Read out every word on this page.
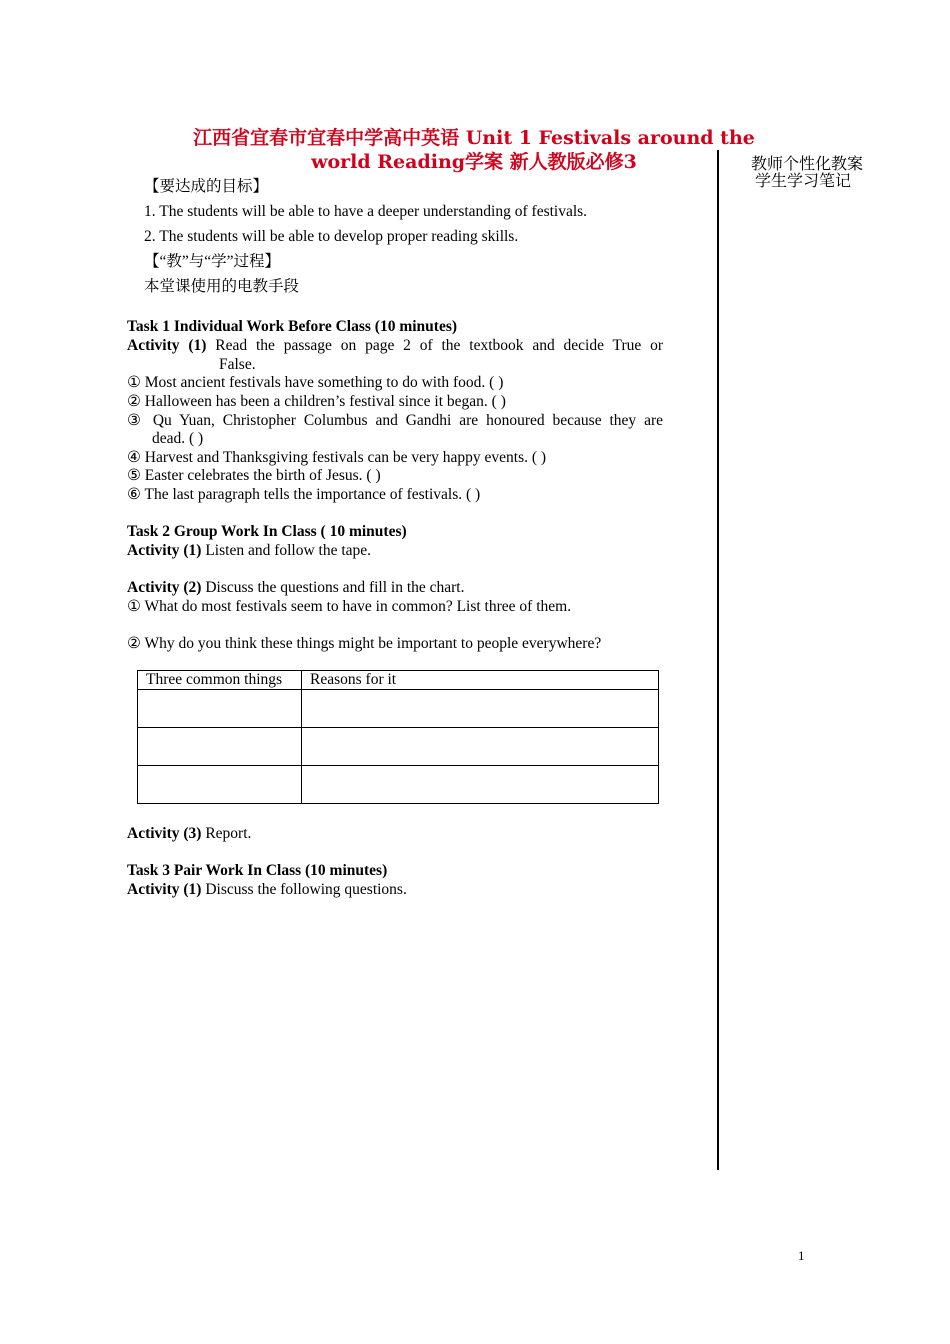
江西省宜春市宜春中学高中英语 Unit 1 Festivals around the
world Reading学案 新人教版必修3	教师个性化教案
学生学习笔记
【要达成的目标】
1. The students will be able to have a deeper understanding of festivals.
2. The students will be able to develop proper reading skills.
【“教”与“学”过程】
本堂课使用的电教手段
Task 1 Individual Work Before Class (10 minutes)
Activity (1) Read the passage on page 2 of the textbook and decide True or
False.
① Most ancient festivals have something to do with food. ( )
② Halloween has been a children’s festival since it began. ( )
③ Qu Yuan, Christopher Columbus and Gandhi are honoured because they are
dead. ( )
④ Harvest and Thanksgiving festivals can be very happy events. ( )
⑤ Easter celebrates the birth of Jesus. ( )
⑥ The last paragraph tells the importance of festivals. ( )
Task 2 Group Work In Class ( 10 minutes)
Activity (1) Listen and follow the tape.
Activity (2) Discuss the questions and fill in the chart.
① What do most festivals seem to have in common? List three of them.
② Why do you think these things might be important to people everywhere?
Three common things	Reasons for it

Activity (3) Report.
Task 3 Pair Work In Class (10 minutes)
Activity (1) Discuss the following questions.
1
